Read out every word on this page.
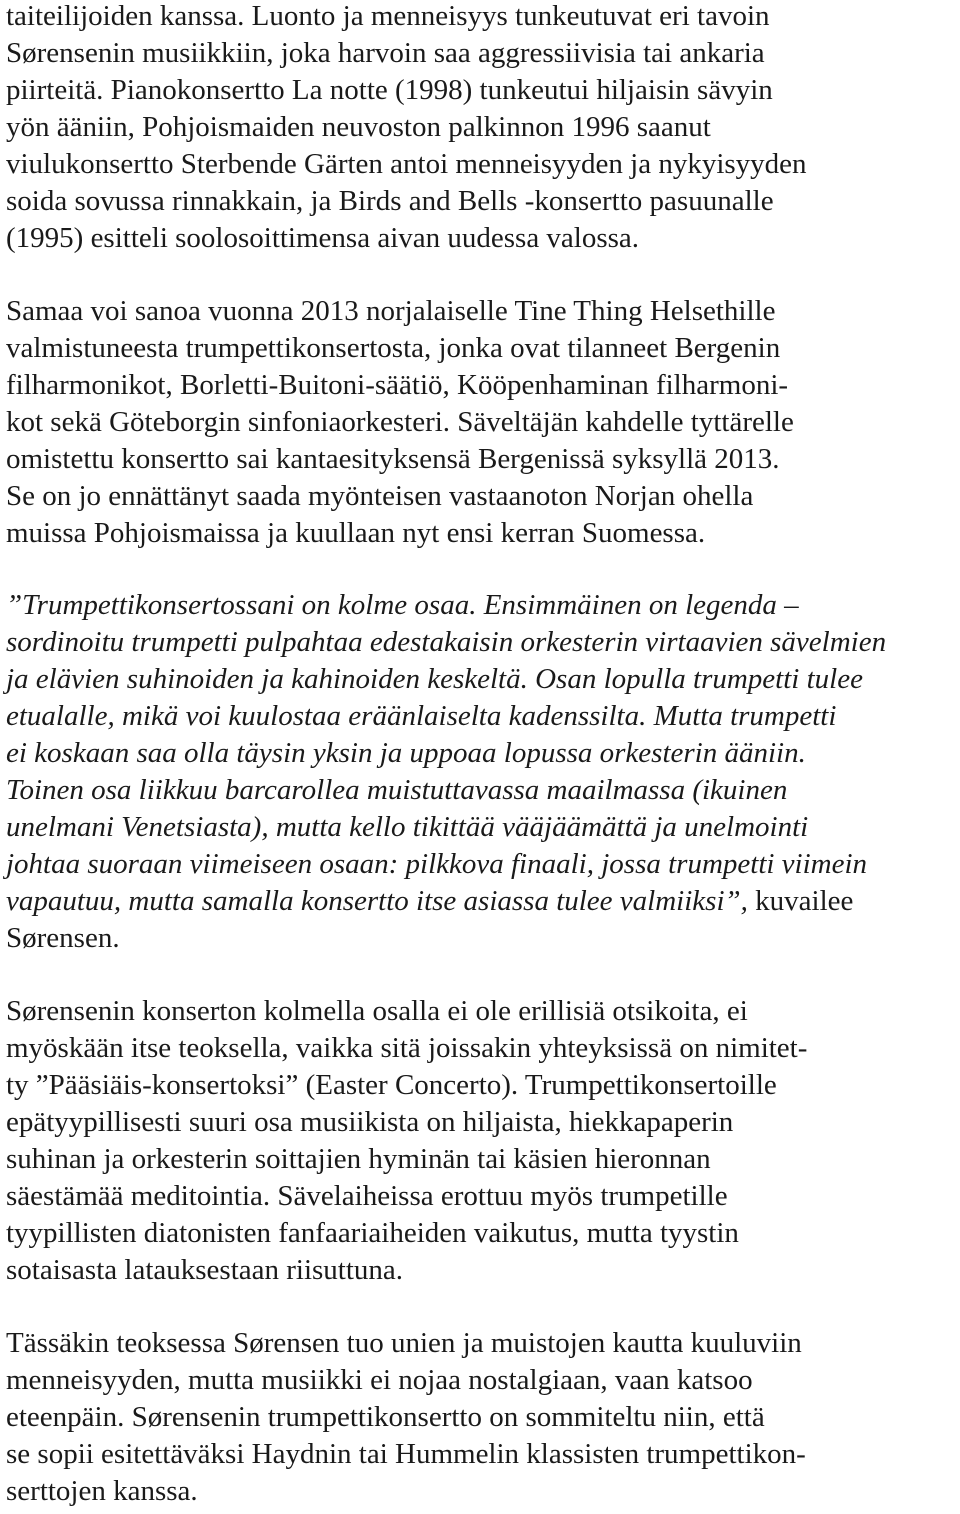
taiteilijoiden kanssa. Luonto ja menneisyys tunkeutuvat eri tavoin
Sørensenin musiikkiin, joka harvoin saa aggressiivisia tai ankaria
piirteitä. Pianokonsertto La notte (1998) tunkeutui hiljaisin sävyin
yön ääniin, Pohjoismaiden neuvoston palkinnon 1996 saanut
viulukonsertto Sterbende Gärten antoi menneisyyden ja nykyisyyden
soida sovussa rinnakkain, ja Birds and Bells -konsertto pasuunalle
(1995) esitteli soolosoittimensa aivan uudessa valossa.
Samaa voi sanoa vuonna 2013 norjalaiselle Tine Thing Helsethille
valmistuneesta trumpettikonsertosta, jonka ovat tilanneet Bergenin
filharmonikot, Borletti-Buitoni-säätiö, Kööpenhaminan filharmoni-
kot sekä Göteborgin sinfoniaorkesteri. Säveltäjän kahdelle tyttärelle
omistettu konsertto sai kantaesityksensä Bergenissä syksyllä 2013.
Se on jo ennättänyt saada myönteisen vastaanoton Norjan ohella
muissa Pohjoismaissa ja kuullaan nyt ensi kerran Suomessa.
”Trumpettikonsertossani on kolme osaa. Ensimmäinen on legenda –
sordinoitu trumpetti pulpahtaa edestakaisin orkesterin virtaavien sävelmien
ja elävien suhinoiden ja kahinoiden keskeltä. Osan lopulla trumpetti tulee
etualalle, mikä voi kuulostaa eräänlaiselta kadenssilta. Mutta trumpetti
ei koskaan saa olla täysin yksin ja uppoaa lopussa orkesterin ääniin.
Toinen osa liikkuu barcarollea muistuttavassa maailmassa (ikuinen
unelmani Venetsiasta), mutta kello tikittää vääjäämättä ja unelmointi
johtaa suoraan viimeiseen osaan: pilkkova finaali, jossa trumpetti viimein
vapautuu, mutta samalla konsertto itse asiassa tulee valmiiksi”, kuvailee
Sørensen.
Sørensenin konserton kolmella osalla ei ole erillisiä otsikoita, ei
myöskään itse teoksella, vaikka sitä joissakin yhteyksissä on nimitet-
ty ”Pääsiäis-konsertoksi” (Easter Concerto). Trumpettikonsertoille
epätyypillisesti suuri osa musiikista on hiljaista, hiekkapaperin
suhinan ja orkesterin soittajien hyminän tai käsien hieronnan
säestämää meditointia. Sävelaiheissa erottuu myös trumpetille
tyypillisten diatonisten fanfaariaiheiden vaikutus, mutta tyystin
sotaisasta latauksestaan riisuttuna.
Tässäkin teoksessa Sørensen tuo unien ja muistojen kautta kuuluviin
menneisyyden, mutta musiikki ei nojaa nostalgiaan, vaan katsoo
eteenpäin. Sørensenin trumpettikonsertto on sommiteltu niin, että
se sopii esitettäväksi Haydnin tai Hummelin klassisten trumpettikon-
serttojen kanssa.
